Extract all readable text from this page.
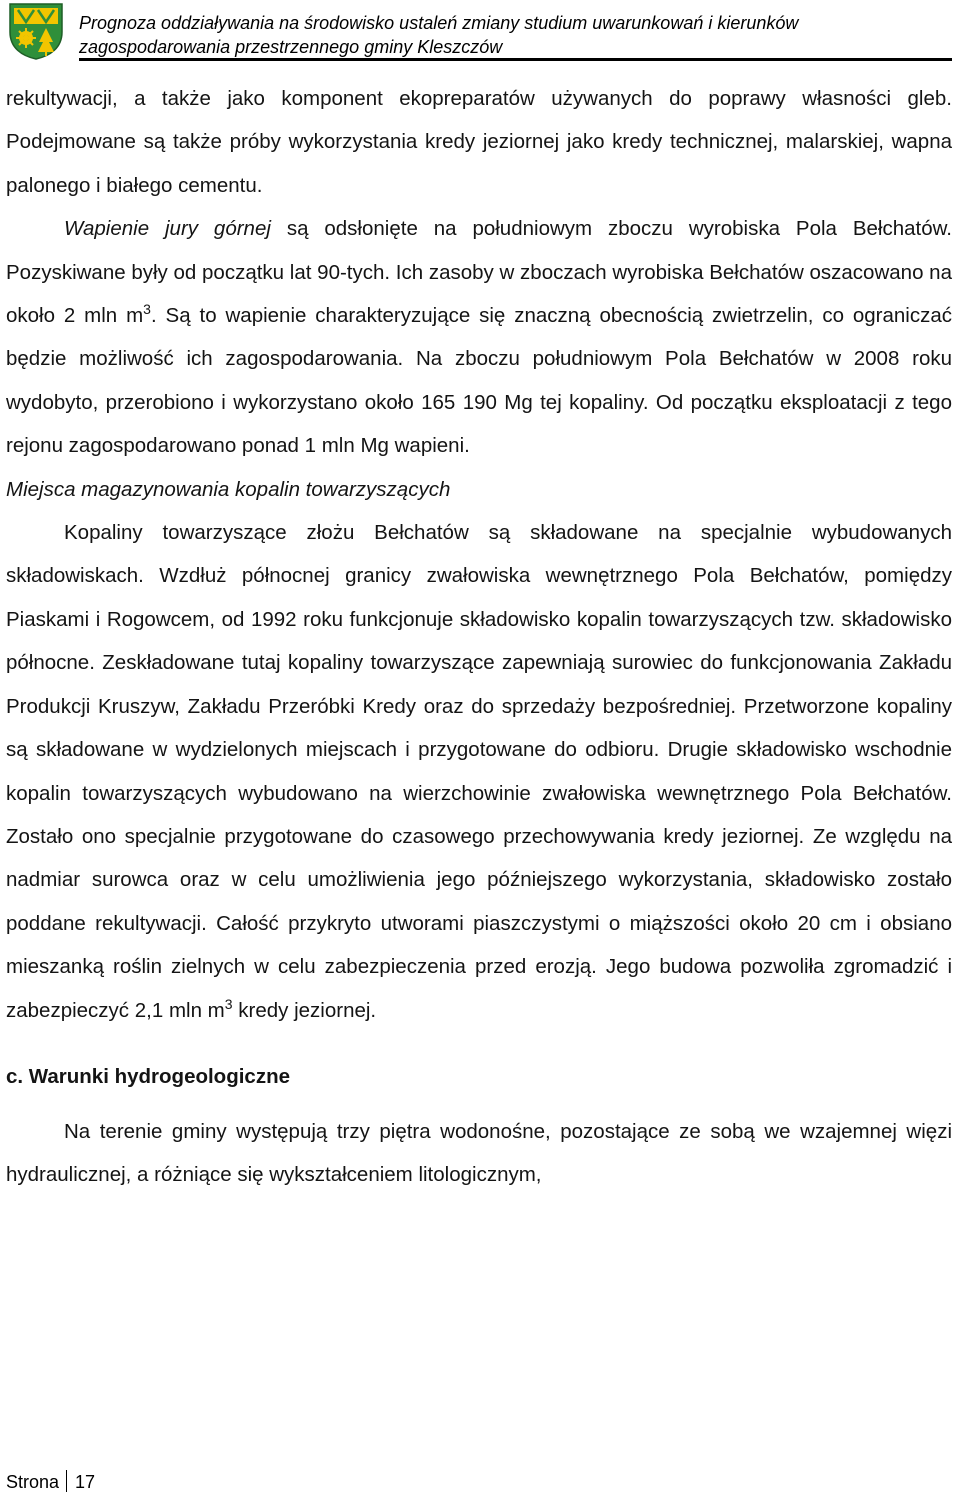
Prognoza oddziaływania na środowisko ustaleń zmiany studium uwarunkowań i kierunków zagospodarowania przestrzennego gminy Kleszczów

rekultywacji, a także jako komponent ekopreparatów używanych do poprawy własności gleb. Podejmowane są także próby wykorzystania kredy jeziornej jako kredy technicznej, malarskiej, wapna palonego i białego cementu.

Wapienie jury górnej są odsłonięte na południowym zboczu wyrobiska Pola Bełchatów. Pozyskiwane były od początku lat 90-tych. Ich zasoby w zboczach wyrobiska Bełchatów oszacowano na około 2 mln $m^3$. Są to wapienie charakteryzujące się znaczną obecnością zwietrzelin, co ograniczać będzie możliwość ich zagospodarowania. Na zboczu południowym Pola Bełchatów w 2008 roku wydobyto, przerobiono i wykorzystano około 165 190 Mg tej kopaliny. Od początku eksploatacji z tego rejonu zagospodarowano ponad 1 mln Mg wapieni.

Miejsca magazynowania kopalin towarzyszących

Kopaliny towarzyszące złożu Bełchatów są składowane na specjalnie wybudowanych składowiskach. Wzdłuż północnej granicy zwałowiska wewnętrznego Pola Bełchatów, pomiędzy Piaskami i Rogowcem, od 1992 roku funkcjonuje składowisko kopalin towarzyszących tzw. składowisko północne. Zeskładowane tutaj kopaliny towarzyszące zapewniają surowiec do funkcjonowania Zakładu Produkcji Kruszyw, Zakładu Przeróbki Kredy oraz do sprzedaży bezpośredniej. Przetworzone kopaliny są składowane w wydzielonych miejscach i przygotowane do odbioru. Drugie składowisko wschodnie kopalin towarzyszących wybudowano na wierzchowinie zwałowiska wewnętrznego Pola Bełchatów. Zostało ono specjalnie przygotowane do czasowego przechowywania kredy jeziornej. Ze względu na nadmiar surowca oraz w celu umożliwienia jego późniejszego wykorzystania, składowisko zostało poddane rekultywacji. Całość przykryto utworami piaszczystymi o miąższości około 20 cm i obsiano mieszanką roślin zielnych w celu zabezpieczenia przed erozją. Jego budowa pozwoliła zgromadzić i zabezpieczyć 2,1 mln $m^3$ kredy jeziornej.

c. Warunki hydrogeologiczne

Na terenie gminy występują trzy piętra wodonośne, pozostające ze sobą we wzajemnej więzi hydraulicznej, a różniące się wykształceniem litologicznym,

Strona 17
